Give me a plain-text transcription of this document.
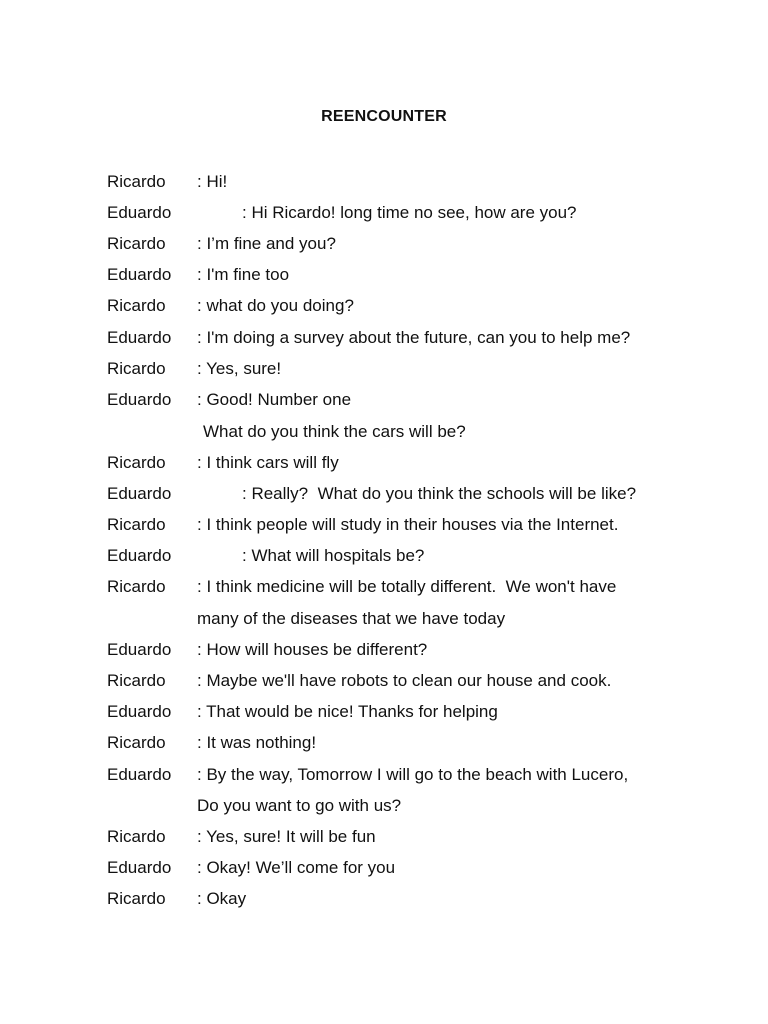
REENCOUNTER
Ricardo : Hi!
Eduardo	: Hi Ricardo! long time no see, how are you?
Ricardo : I’m fine and you?
Eduardo : I'm fine too
Ricardo : what do you doing?
Eduardo : I'm doing a survey about the future, can you to help me?
Ricardo : Yes, sure!
Eduardo : Good! Number one
What do you think the cars will be?
Ricardo : I think cars will fly
Eduardo	: Really?  What do you think the schools will be like?
Ricardo : I think people will study in their houses via the Internet.
Eduardo	: What will hospitals be?
Ricardo : I think medicine will be totally different.  We won't have
many of the diseases that we have today
Eduardo : How will houses be different?
Ricardo : Maybe we'll have robots to clean our house and cook.
Eduardo : That would be nice! Thanks for helping
Ricardo : It was nothing!
Eduardo : By the way, Tomorrow I will go to the beach with Lucero,
Do you want to go with us?
Ricardo : Yes, sure! It will be fun
Eduardo : Okay! We’ll come for you
Ricardo : Okay
